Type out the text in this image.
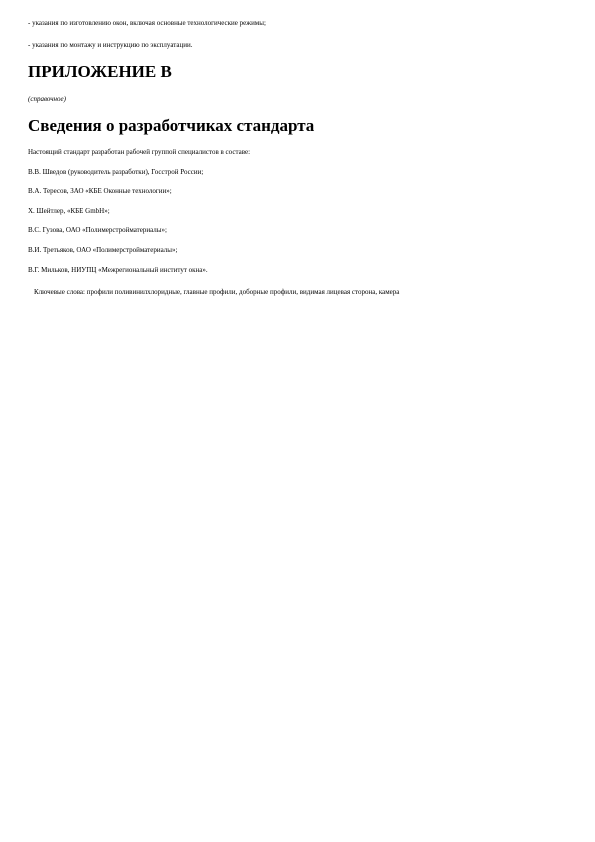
- указания по изготовлению окон, включая основные технологические режимы;
- указания по монтажу и инструкцию по эксплуатации.
ПРИЛОЖЕНИЕ В
(справочное)
Сведения о разработчиках стандарта
Настоящий стандарт разработан рабочей группой специалистов в составе:
В.В. Шведов (руководитель разработки), Госстрой России;
В.А. Тересов, ЗАО «КБЕ Оконные технологии»;
Х. Шейтлер, «КБЕ GmbH»;
В.С. Гузова, ОАО «Полимерстройматериалы»;
В.И. Третьяков, ОАО «Полимерстройматериалы»;
В.Г. Мильков, НИУПЦ «Межрегиональный институт окна».
Ключевые слова: профили поливинилхлоридные, главные профили, доборные профили, видимая лицевая сторона, камера
